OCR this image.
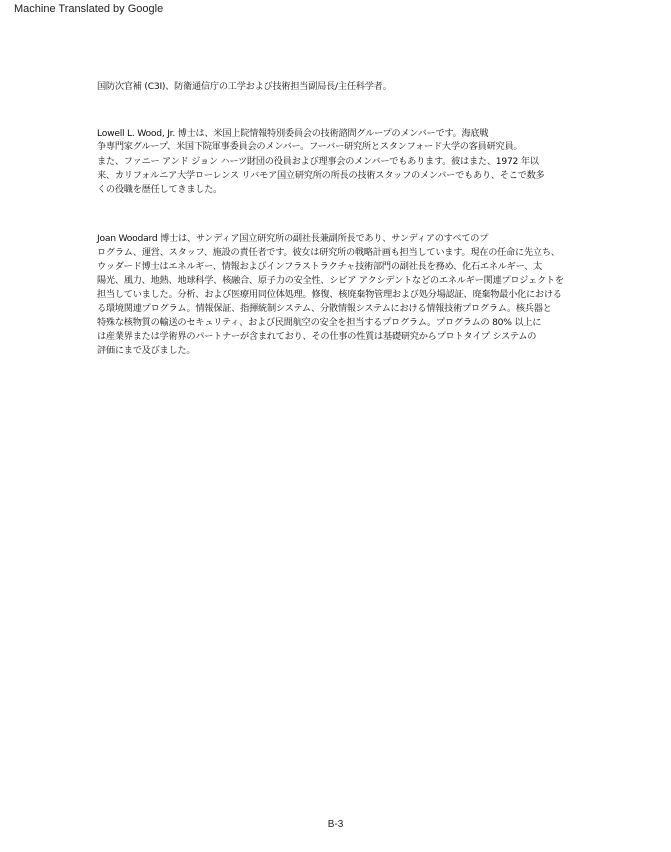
Machine Translated by Google
国防次官補 (C3I)、防衛通信庁の工学および技術担当副局長/主任科学者。
Lowell L. Wood, Jr. 博士は、米国上院情報特別委員会の技術諮問グループのメンバーです。海底戦
争専門家グループ、米国下院軍事委員会のメンバー。フーバー研究所とスタンフォード大学の客員研究員。
また、ファニー アンド ジョン ハーツ財団の役員および理事会のメンバーでもあります。彼はまた、1972 年以
来、カリフォルニア大学ローレンス リバモア国立研究所の所長の技術スタッフのメンバーでもあり、そこで数多
くの役職を歴任してきました。
Joan Woodard 博士は、サンディア国立研究所の副社長兼副所長であり、サンディアのすべてのプ
ログラム、運営、スタッフ、施設の責任者です。彼女は研究所の戦略計画も担当しています。現在の任命に先立ち、
ウッダード博士はエネルギー、情報およびインフラストラクチャ技術部門の副社長を務め、化石エネルギー、太
陽光、風力、地熱、地球科学、核融合、原子力の安全性、シビア アクシデントなどのエネルギー関連プロジェクトを
担当していました。分析、および医療用同位体処理。修復、核廃棄物管理および処分場認証、廃棄物最小化における
る環境関連プログラム。情報保証、指揮統制システム、分散情報システムにおける情報技術プログラム。核兵器と
特殊な核物質の輸送のセキュリティ、および民間航空の安全を担当するプログラム。プログラムの 80% 以上に
は産業界または学術界のパートナーが含まれており、その仕事の性質は基礎研究からプロトタイプ システムの
評価にまで及びました。
B-3
